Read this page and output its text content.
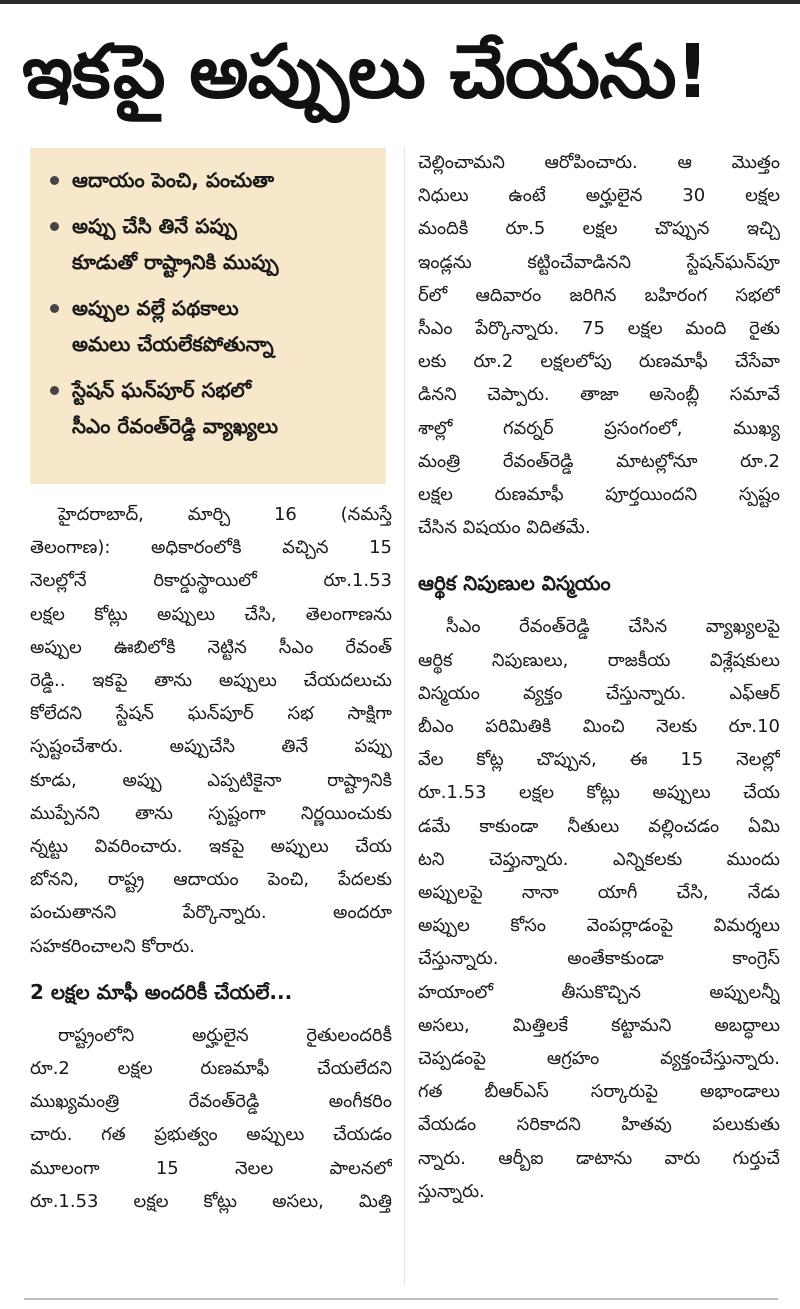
ఇకపై అప్పులు చేయను!
ఆదాయం పెంచి, పంచుతా
అప్పు చేసి తినే పప్పు
కూడుతో రాష్ట్రానికి ముప్పు
అప్పుల వల్లే పథకాలు
అమలు చేయలేకపోతున్నా
స్టేషన్ ఘన్‌పూర్ సభలో
సీఎం రేవంత్‌రెడ్డి వ్యాఖ్యలు
హైదరాబాద్, మార్చి 16 (నమస్తే
తెలంగాణ): అధికారంలోకి వచ్చిన 15
నెలల్లోనే రికార్డుస్థాయిలో రూ.1.53
లక్షల కోట్లు అప్పులు చేసి, తెలంగాణను
అప్పుల ఊబిలోకి నెట్టిన సీఎం రేవంత్
రెడ్డి.. ఇకపై తాను అప్పులు చేయదలుచు
కోలేదని స్టేషన్ ఘన్‌పూర్ సభ సాక్షిగా
స్పష్టంచేశారు. అప్పుచేసి తినే పప్పు
కూడు, అప్పు ఎప్పటికైనా రాష్ట్రానికి
ముప్పేనని తాను స్పష్టంగా నిర్ణయించుకు
న్నట్టు వివరించారు. ఇకపై అప్పులు చేయ
బోనని, రాష్ట్ర ఆదాయం పెంచి, పేదలకు
పంచుతానని పేర్కొన్నారు. అందరూ
సహకరించాలని కోరారు.
2 లక్షల మాఫీ అందరికీ చేయలే...
రాష్ట్రంలోని అర్హులైన రైతులందరికీ
రూ.2 లక్షల రుణమాఫీ చేయలేదని
ముఖ్యమంత్రి రేవంత్‌రెడ్డి అంగీకరిం
చారు. గత ప్రభుత్వం అప్పులు చేయడం
మూలంగా 15 నెలల పాలనలో
రూ.1.53 లక్షల కోట్లు అసలు, మిత్తి
చెల్లించామని ఆరోపించారు. ఆ మొత్తం
నిధులు ఉంటే అర్హులైన 30 లక్షల
మందికి రూ.5 లక్షల చొప్పున ఇచ్చి
ఇండ్లను కట్టించేవాడినని స్టేషన్‌ఘన్‌పూ
ర్‌లో ఆదివారం జరిగిన బహిరంగ సభలో
సీఎం పేర్కొన్నారు. 75 లక్షల మంది రైతు
లకు రూ.2 లక్షలలోపు రుణమాఫీ చేసేవా
డినని చెప్పారు. తాజా అసెంబ్లీ సమావే
శాల్లో గవర్నర్ ప్రసంగంలో, ముఖ్య
మంత్రి రేవంత్‌రెడ్డి మాటల్లోనూ రూ.2
లక్షల రుణమాఫీ పూర్తయిందని స్పష్టం
చేసిన విషయం విదితమే.
ఆర్థిక నిపుణుల విస్మయం
సీఎం రేవంత్‌రెడ్డి చేసిన వ్యాఖ్యలపై
ఆర్థిక నిపుణులు, రాజకీయ విశ్లేషకులు
విస్మయం వ్యక్తం చేస్తున్నారు. ఎఫ్ఆర్
బీఎం పరిమితికి మించి నెలకు రూ.10
వేల కోట్ల చొప్పున, ఈ 15 నెలల్లో
రూ.1.53 లక్షల కోట్లు అప్పులు చేయ
డమే కాకుండా నీతులు వల్లించడం ఏమి
టని చెప్తున్నారు. ఎన్నికలకు ముందు
అప్పులపై నానా యాగీ చేసి, నేడు
అప్పుల కోసం వెంపర్లాడంపై విమర్శలు
చేస్తున్నారు. అంతేకాకుండా కాంగ్రెస్
హయాంలో తీసుకొచ్చిన అప్పులన్నీ
అసలు, మిత్తిలకే కట్టామని అబద్ధాలు
చెప్పడంపై ఆగ్రహం వ్యక్తంచేస్తున్నారు.
గత బీఆర్ఎస్ సర్కారుపై అభాండాలు
వేయడం సరికాదని హితవు పలుకుతు
న్నారు. ఆర్బీఐ డాటాను వారు గుర్తుచే
స్తున్నారు.
